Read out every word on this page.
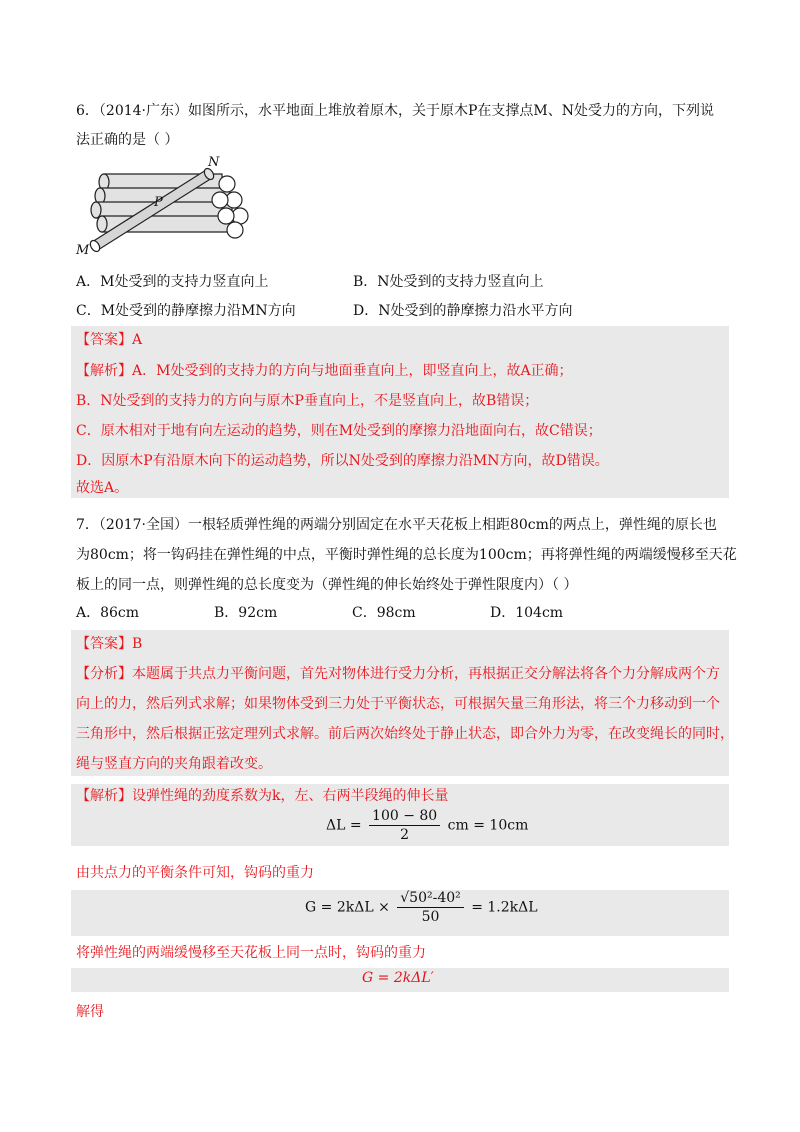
6．（2014·广东）如图所示，水平地面上堆放着原木，关于原木P在支撑点M、N处受力的方向，下列说
法正确的是（ ）
N
P
M
A．M处受到的支持力竖直向上	B．N处受到的支持力竖直向上
C．M处受到的静摩擦力沿MN方向	D．N处受到的静摩擦力沿水平方向
【答案】A
【解析】A．M处受到的支持力的方向与地面垂直向上，即竖直向上，故A正确；
B．N处受到的支持力的方向与原木P垂直向上，不是竖直向上，故B错误；
C．原木相对于地有向左运动的趋势，则在M处受到的摩擦力沿地面向右，故C错误；
D．因原木P有沿原木向下的运动趋势，所以N处受到的摩擦力沿MN方向，故D错误。
故选A。
7．（2017·全国）一根轻质弹性绳的两端分别固定在水平天花板上相距80cm的两点上，弹性绳的原长也
为80cm；将一钩码挂在弹性绳的中点，平衡时弹性绳的总长度为100cm；再将弹性绳的两端缓慢移至天花
板上的同一点，则弹性绳的总长度变为（弹性绳的伸长始终处于弹性限度内）（ ）
A．86cm	B．92cm	C．98cm	D．104cm
【答案】B
【分析】本题属于共点力平衡问题，首先对物体进行受力分析，再根据正交分解法将各个力分解成两个方
向上的力，然后列式求解；如果物体受到三力处于平衡状态，可根据矢量三角形法，将三个力移动到一个
三角形中，然后根据正弦定理列式求解。前后两次始终处于静止状态，即合外力为零，在改变绳长的同时，
绳与竖直方向的夹角跟着改变。
【解析】设弹性绳的劲度系数为k，左、右两半段绳的伸长量
$\Delta L = \frac{100 - 80}{2}$ cm = 10cm
由共点力的平衡条件可知，钩码的重力
$G = 2k\Delta L \times \frac{\text{√50²-40²}}{50} = 1.2k\Delta L$
将弹性绳的两端缓慢移至天花板上同一点时，钩码的重力
G = 2kΔL′
解得
